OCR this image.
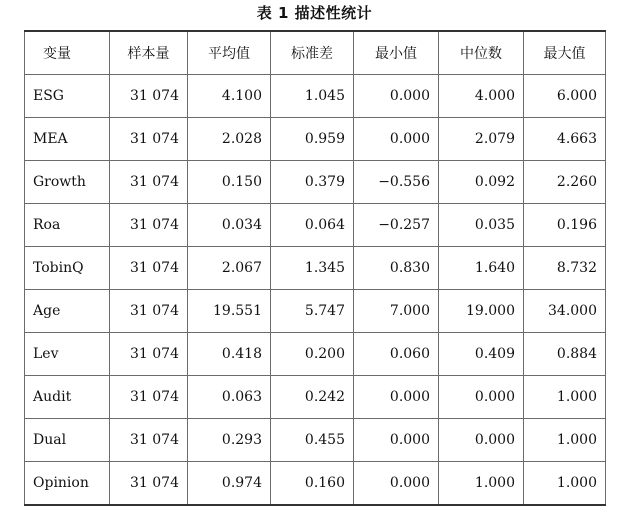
表 1 描述性统计
变量	样本量	平均值	标准差	最小值	中位数	最大值
ESG	31 074	4.100	1.045	0.000	4.000	6.000
MEA	31 074	2.028	0.959	0.000	2.079	4.663
Growth	31 074	0.150	0.379	−0.556	0.092	2.260
Roa	31 074	0.034	0.064	−0.257	0.035	0.196
TobinQ	31 074	2.067	1.345	0.830	1.640	8.732
Age	31 074	19.551	5.747	7.000	19.000	34.000
Lev	31 074	0.418	0.200	0.060	0.409	0.884
Audit	31 074	0.063	0.242	0.000	0.000	1.000
Dual	31 074	0.293	0.455	0.000	0.000	1.000
Opinion	31 074	0.974	0.160	0.000	1.000	1.000
